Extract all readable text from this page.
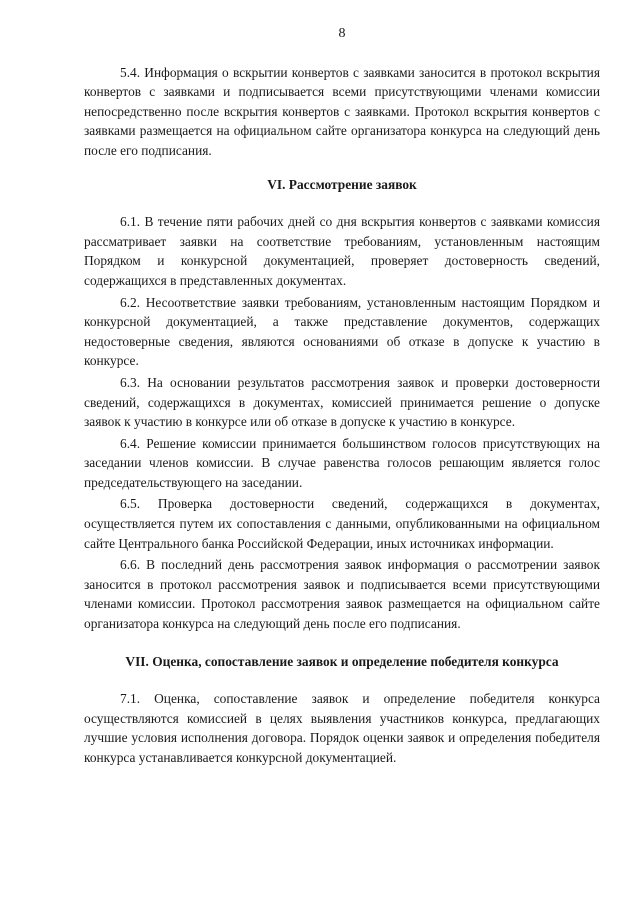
8

5.4. Информация о вскрытии конвертов с заявками заносится в протокол вскрытия конвертов с заявками и подписывается всеми присутствующими членами комиссии непосредственно после вскрытия конвертов с заявками. Протокол вскрытия конвертов с заявками размещается на официальном сайте организатора конкурса на следующий день после его подписания.

VI. Рассмотрение заявок

6.1. В течение пяти рабочих дней со дня вскрытия конвертов с заявками комиссия рассматривает заявки на соответствие требованиям, установленным настоящим Порядком и конкурсной документацией, проверяет достоверность сведений, содержащихся в представленных документах.

6.2. Несоответствие заявки требованиям, установленным настоящим Порядком и конкурсной документацией, а также представление документов, содержащих недостоверные сведения, являются основаниями об отказе в допуске к участию в конкурсе.

6.3. На основании результатов рассмотрения заявок и проверки достоверности сведений, содержащихся в документах, комиссией принимается решение о допуске заявок к участию в конкурсе или об отказе в допуске к участию в конкурсе.

6.4. Решение комиссии принимается большинством голосов присутствующих на заседании членов комиссии. В случае равенства голосов решающим является голос председательствующего на заседании.

6.5. Проверка достоверности сведений, содержащихся в документах, осуществляется путем их сопоставления с данными, опубликованными на официальном сайте Центрального банка Российской Федерации, иных источниках информации.

6.6. В последний день рассмотрения заявок информация о рассмотрении заявок заносится в протокол рассмотрения заявок и подписывается всеми присутствующими членами комиссии. Протокол рассмотрения заявок размещается на официальном сайте организатора конкурса на следующий день после его подписания.

VII. Оценка, сопоставление заявок и определение победителя конкурса

7.1. Оценка, сопоставление заявок и определение победителя конкурса осуществляются комиссией в целях выявления участников конкурса, предлагающих лучшие условия исполнения договора. Порядок оценки заявок и определения победителя конкурса устанавливается конкурсной документацией.
